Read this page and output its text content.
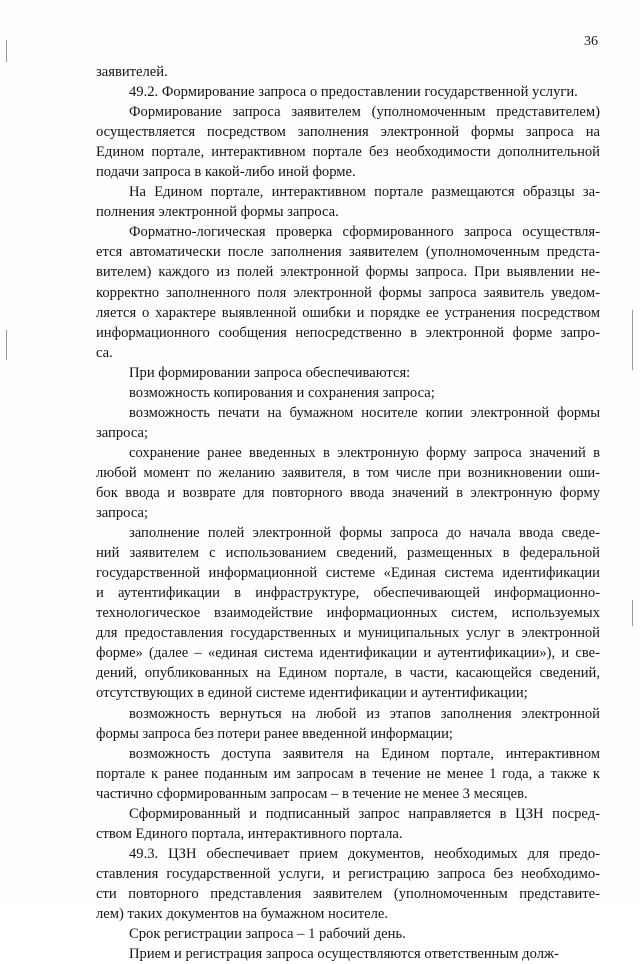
36
заявителей.
49.2. Формирование запроса о предоставлении государственной услуги.
Формирование запроса заявителем (уполномоченным представителем)
осуществляется посредством заполнения электронной формы запроса на
Едином портале, интерактивном портале без необходимости дополнительной
подачи запроса в какой-либо иной форме.
На Едином портале, интерактивном портале размещаются образцы за-
полнения электронной формы запроса.
Форматно-логическая проверка сформированного запроса осуществля-
ется автоматически после заполнения заявителем (уполномоченным предста-
вителем) каждого из полей электронной формы запроса. При выявлении не-
корректно заполненного поля электронной формы запроса заявитель уведом-
ляется о характере выявленной ошибки и порядке ее устранения посредством
информационного сообщения непосредственно в электронной форме запро-
са.
При формировании запроса обеспечиваются:
возможность копирования и сохранения запроса;
возможность печати на бумажном носителе копии электронной формы
запроса;
сохранение ранее введенных в электронную форму запроса значений в
любой момент по желанию заявителя, в том числе при возникновении оши-
бок ввода и возврате для повторного ввода значений в электронную форму
запроса;
заполнение полей электронной формы запроса до начала ввода сведе-
ний заявителем с использованием сведений, размещенных в федеральной
государственной информационной системе «Единая система идентификации
и аутентификации в инфраструктуре, обеспечивающей информационно-
технологическое взаимодействие информационных систем, используемых
для предоставления государственных и муниципальных услуг в электронной
форме» (далее – «единая система идентификации и аутентификации»), и све-
дений, опубликованных на Едином портале, в части, касающейся сведений,
отсутствующих в единой системе идентификации и аутентификации;
возможность вернуться на любой из этапов заполнения электронной
формы запроса без потери ранее введенной информации;
возможность доступа заявителя на Едином портале, интерактивном
портале к ранее поданным им запросам в течение не менее 1 года, а также к
частично сформированным запросам – в течение не менее 3 месяцев.
Сформированный и подписанный запрос направляется в ЦЗН посред-
ством Единого портала, интерактивного портала.
49.3. ЦЗН обеспечивает прием документов, необходимых для предо-
ставления государственной услуги, и регистрацию запроса без необходимо-
сти повторного представления заявителем (уполномоченным представите-
лем) таких документов на бумажном носителе.
Срок регистрации запроса – 1 рабочий день.
Прием и регистрация запроса осуществляются ответственным долж-
